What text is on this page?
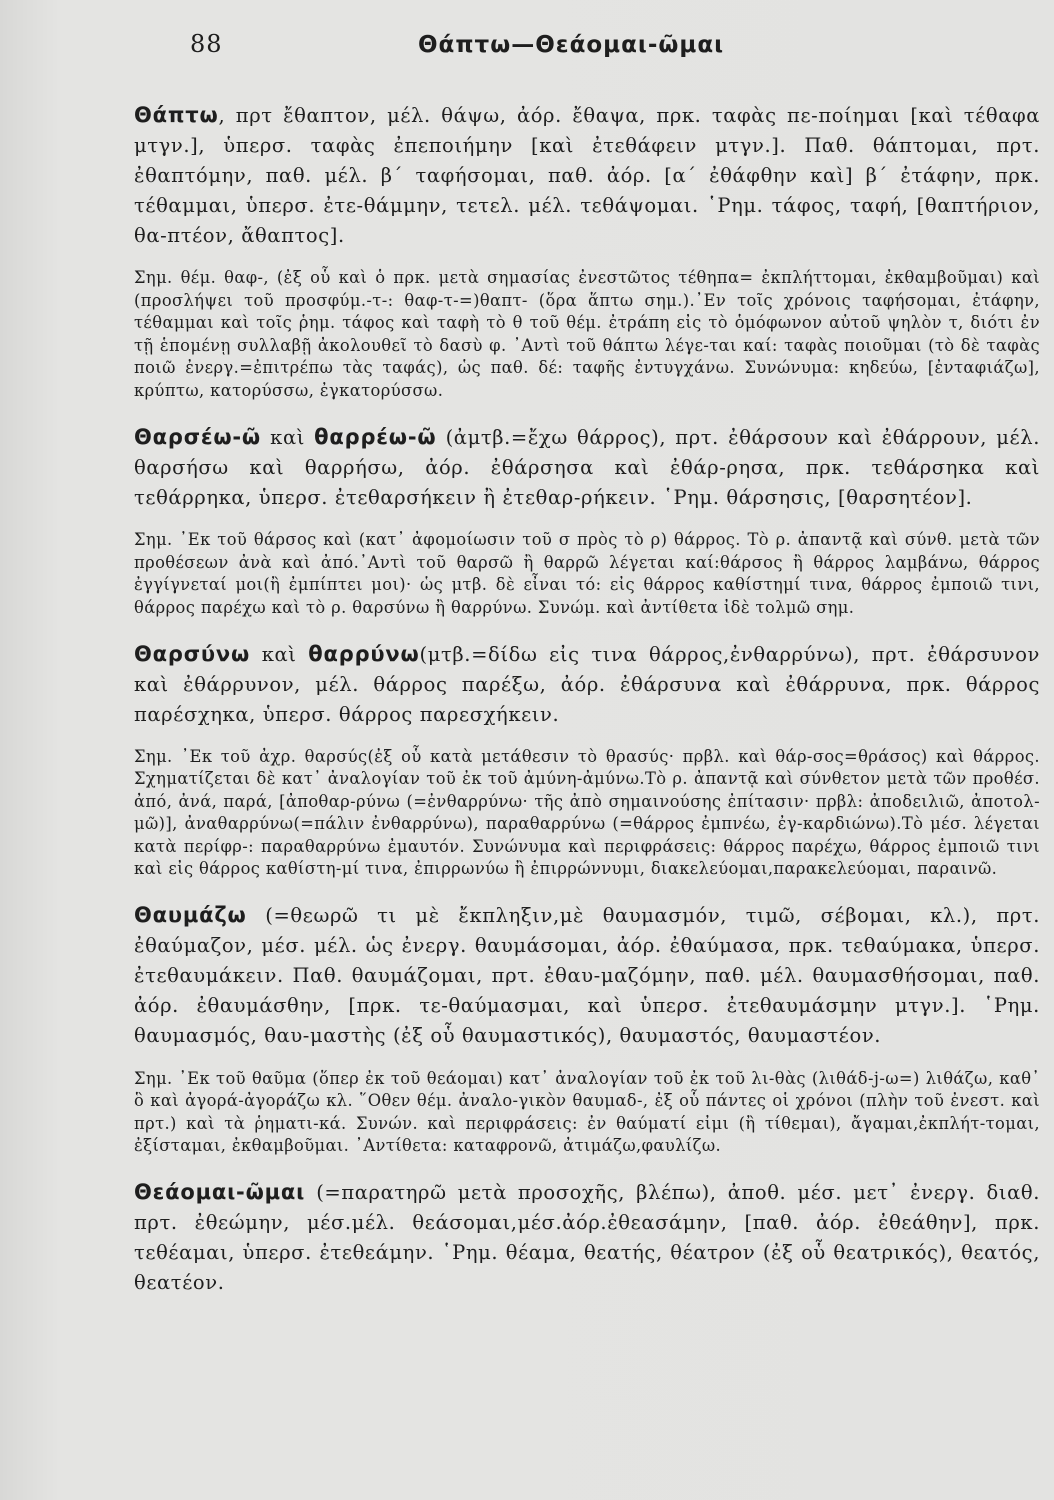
88	Θάπτω—Θεάομαι-ῶμαι

Θάπτω, πρτ ἔθαπτον, μέλ. θάψω, ἀόρ. ἔθαψα, πρκ. ταφὰς πε-ποίημαι [καὶ τέθαφα μτγν.], ὑπερσ. ταφὰς ἐπεποιήμην [καὶ ἐτεθάφειν μτγν.]. Παθ. θάπτομαι, πρτ. ἐθαπτόμην, παθ. μέλ. β΄ ταφήσομαι, παθ. ἀόρ. [α΄ ἐθάφθην καὶ] β΄ ἐτάφην, πρκ. τέθαμμαι, ὑπερσ. ἐτε-θάμμην, τετελ. μέλ. τεθάψομαι. ῾Ρημ. τάφος, ταφή, [θαπτήριον, θα-πτέον, ἄθαπτος].

Σημ. θέμ. θαφ-, (ἐξ οὗ καὶ ὁ πρκ. μετὰ σημασίας ἐνεστῶτος τέθηπα= ἐκπλήττομαι, ἐκθαμβοῦμαι) καὶ (προσλήψει τοῦ προσφύμ.-τ-: θαφ-τ-=)θαπτ- (ὅρα ἅπτω σημ.).᾿Εν τοῖς χρόνοις ταφήσομαι, ἐτάφην, τέθαμμαι καὶ τοῖς ῥημ. τάφος καὶ ταφὴ τὸ θ τοῦ θέμ. ἐτράπη εἰς τὸ ὁμόφωνον αὐτοῦ ψηλὸν τ, διότι ἐν τῇ ἑπομένῃ συλλαβῇ ἀκολουθεῖ τὸ δασὺ φ. ᾿Αντὶ τοῦ θάπτω λέγε-ται καί: ταφὰς ποιοῦμαι (τὸ δὲ ταφὰς ποιῶ ἐνεργ.=ἐπιτρέπω τὰς ταφάς), ὡς παθ. δέ: ταφῆς ἐντυγχάνω. Συνώνυμα: κηδεύω, [ἐνταφιάζω], κρύπτω, κατορύσσω, ἐγκατορύσσω.

Θαρσέω-ῶ καὶ θαρρέω-ῶ (ἀμτβ.=ἔχω θάρρος), πρτ. ἐθάρσουν καὶ ἐθάρρουν, μέλ. θαρσήσω καὶ θαρρήσω, ἀόρ. ἐθάρσησα καὶ ἐθάρ-ρησα, πρκ. τεθάρσηκα καὶ τεθάρρηκα, ὑπερσ. ἐτεθαρσήκειν ἢ ἐτεθαρ-ρήκειν. ῾Ρημ. θάρσησις, [θαρσητέον].

Σημ. ᾿Εκ τοῦ θάρσος καὶ (κατ᾿ ἀφομοίωσιν τοῦ σ πρὸς τὸ ρ) θάρρος. Τὸ ρ. ἀπαντᾷ καὶ σύνθ. μετὰ τῶν προθέσεων ἀνὰ καὶ ἀπό.᾿Αντὶ τοῦ θαρσῶ ἢ θαρρῶ λέγεται καί:θάρσος ἢ θάρρος λαμβάνω, θάρρος ἐγγίγνεταί μοι(ἢ ἐμπίπτει μοι)· ὡς μτβ. δὲ εἶναι τό: εἰς θάρρος καθίστημί τινα, θάρρος ἐμποιῶ τινι, θάρρος παρέχω καὶ τὸ ρ. θαρσύνω ἢ θαρρύνω. Συνώμ. καὶ ἀντίθετα ἰδὲ τολμῶ σημ.

Θαρσύνω καὶ θαρρύνω(μτβ.=δίδω εἰς τινα θάρρος,ἐνθαρρύνω), πρτ. ἐθάρσυνον καὶ ἐθάρρυνον, μέλ. θάρρος παρέξω, ἀόρ. ἐθάρσυνα καὶ ἐθάρρυνα, πρκ. θάρρος παρέσχηκα, ὑπερσ. θάρρος παρεσχήκειν.

Σημ. ᾿Εκ τοῦ ἀχρ. θαρσύς(ἐξ οὗ κατὰ μετάθεσιν τὸ θρασύς· πρβλ. καὶ θάρ-σος=θράσος) καὶ θάρρος. Σχηματίζεται δὲ κατ᾿ ἀναλογίαν τοῦ ἐκ τοῦ ἀμύνη-ἀμύνω.Τὸ ρ. ἀπαντᾷ καὶ σύνθετον μετὰ τῶν προθέσ. ἀπό, ἀνά, παρά, [ἀποθαρ-ρύνω (=ἐνθαρρύνω· τῆς ἀπὸ σημαινούσης ἐπίτασιν· πρβλ: ἀποδειλιῶ, ἀποτολ-μῶ)], ἀναθαρρύνω(=πάλιν ἐνθαρρύνω), παραθαρρύνω (=θάρρος ἐμπνέω, ἐγ-καρδιώνω).Τὸ μέσ. λέγεται κατὰ περίφρ-: παραθαρρύνω ἐμαυτόν. Συνώνυμα καὶ περιφράσεις: θάρρος παρέχω, θάρρος ἐμποιῶ τινι καὶ εἰς θάρρος καθίστη-μί τινα, ἐπιρρωνύω ἢ ἐπιρρώννυμι, διακελεύομαι,παρακελεύομαι, παραινῶ.

Θαυμάζω (=θεωρῶ τι μὲ ἔκπληξιν,μὲ θαυμασμόν, τιμῶ, σέβομαι, κλ.), πρτ. ἐθαύμαζον, μέσ. μέλ. ὡς ἐνεργ. θαυμάσομαι, ἀόρ. ἐθαύμασα, πρκ. τεθαύμακα, ὑπερσ. ἐτεθαυμάκειν. Παθ. θαυμάζομαι, πρτ. ἐθαυ-μαζόμην, παθ. μέλ. θαυμασθήσομαι, παθ. ἀόρ. ἐθαυμάσθην, [πρκ. τε-θαύμασμαι, καὶ ὑπερσ. ἐτεθαυμάσμην μτγν.]. ῾Ρημ. θαυμασμός, θαυ-μαστὴς (ἐξ οὗ θαυμαστικός), θαυμαστός, θαυμαστέον.

Σημ. ᾿Εκ τοῦ θαῦμα (ὅπερ ἐκ τοῦ θεάομαι) κατ᾿ ἀναλογίαν τοῦ ἐκ τοῦ λι-θὰς (λιθάδ-j-ω=) λιθάζω, καθ᾿ ὃ καὶ ἀγορά-ἀγοράζω κλ. ῞Οθεν θέμ. ἀναλο-γικὸν θαυμαδ-, ἐξ οὗ πάντες οἱ χρόνοι (πλὴν τοῦ ἐνεστ. καὶ πρτ.) καὶ τὰ ῥηματι-κά. Συνών. καὶ περιφράσεις: ἐν θαύματί εἰμι (ἢ τίθεμαι), ἄγαμαι,ἐκπλήτ-τομαι, ἐξίσταμαι, ἐκθαμβοῦμαι. ᾿Αντίθετα: καταφρονῶ, ἀτιμάζω,φαυλίζω.

Θεάομαι-ῶμαι (=παρατηρῶ μετὰ προσοχῆς, βλέπω), ἀποθ. μέσ. μετ᾿ ἐνεργ. διαθ. πρτ. ἐθεώμην, μέσ.μέλ. θεάσομαι,μέσ.ἀόρ.ἐθεασάμην, [παθ. ἀόρ. ἐθεάθην], πρκ. τεθέαμαι, ὑπερσ. ἐτεθεάμην. ῾Ρημ. θέαμα, θεατής, θέατρον (ἐξ οὗ θεατρικός), θεατός, θεατέον.
